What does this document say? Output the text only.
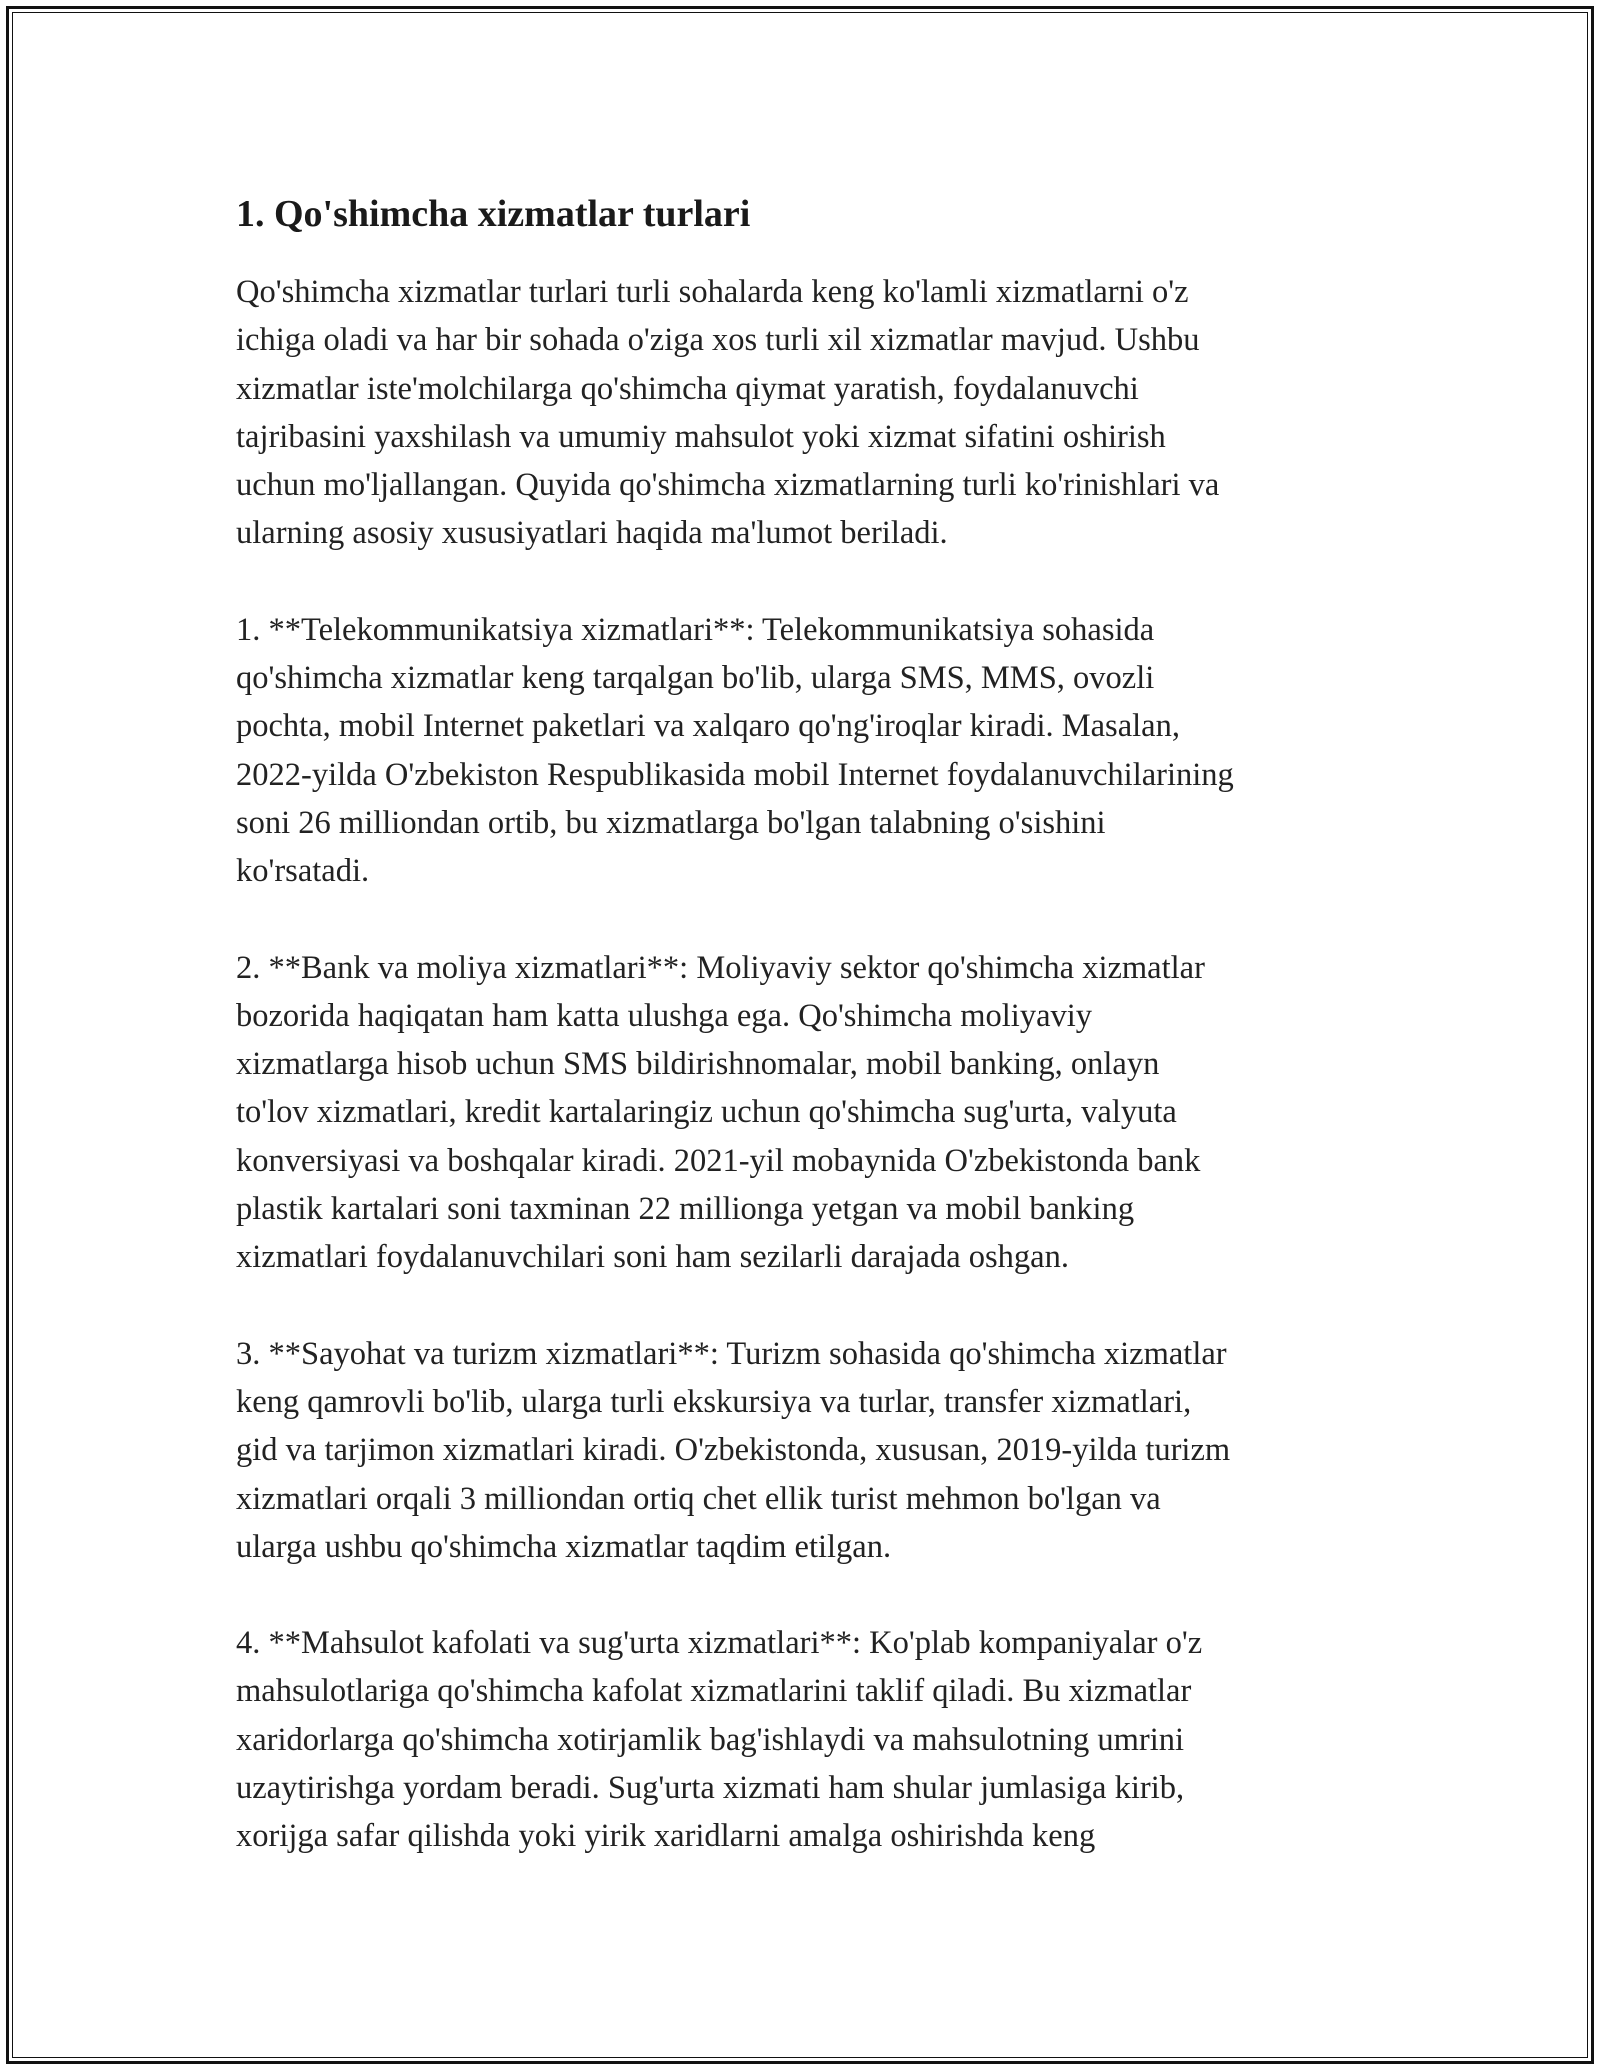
1. Qo'shimcha xizmatlar turlari

Qo'shimcha xizmatlar turlari turli sohalarda keng ko'lamli xizmatlarni o'z
ichiga oladi va har bir sohada o'ziga xos turli xil xizmatlar mavjud. Ushbu
xizmatlar iste'molchilarga qo'shimcha qiymat yaratish, foydalanuvchi
tajribasini yaxshilash va umumiy mahsulot yoki xizmat sifatini oshirish
uchun mo'ljallangan. Quyida qo'shimcha xizmatlarning turli ko'rinishlari va
ularning asosiy xususiyatlari haqida ma'lumot beriladi.

1. **Telekommunikatsiya xizmatlari**: Telekommunikatsiya sohasida
qo'shimcha xizmatlar keng tarqalgan bo'lib, ularga SMS, MMS, ovozli
pochta, mobil Internet paketlari va xalqaro qo'ng'iroqlar kiradi. Masalan,
2022-yilda O'zbekiston Respublikasida mobil Internet foydalanuvchilarining
soni 26 milliondan ortib, bu xizmatlarga bo'lgan talabning o'sishini
ko'rsatadi.

2. **Bank va moliya xizmatlari**: Moliyaviy sektor qo'shimcha xizmatlar
bozorida haqiqatan ham katta ulushga ega. Qo'shimcha moliyaviy
xizmatlarga hisob uchun SMS bildirishnomalar, mobil banking, onlayn
to'lov xizmatlari, kredit kartalaringiz uchun qo'shimcha sug'urta, valyuta
konversiyasi va boshqalar kiradi. 2021-yil mobaynida O'zbekistonda bank
plastik kartalari soni taxminan 22 millionga yetgan va mobil banking
xizmatlari foydalanuvchilari soni ham sezilarli darajada oshgan.

3. **Sayohat va turizm xizmatlari**: Turizm sohasida qo'shimcha xizmatlar
keng qamrovli bo'lib, ularga turli ekskursiya va turlar, transfer xizmatlari,
gid va tarjimon xizmatlari kiradi. O'zbekistonda, xususan, 2019-yilda turizm
xizmatlari orqali 3 milliondan ortiq chet ellik turist mehmon bo'lgan va
ularga ushbu qo'shimcha xizmatlar taqdim etilgan.

4. **Mahsulot kafolati va sug'urta xizmatlari**: Ko'plab kompaniyalar o'z
mahsulotlariga qo'shimcha kafolat xizmatlarini taklif qiladi. Bu xizmatlar
xaridorlarga qo'shimcha xotirjamlik bag'ishlaydi va mahsulotning umrini
uzaytirishga yordam beradi. Sug'urta xizmati ham shular jumlasiga kirib,
xorijga safar qilishda yoki yirik xaridlarni amalga oshirishda keng
